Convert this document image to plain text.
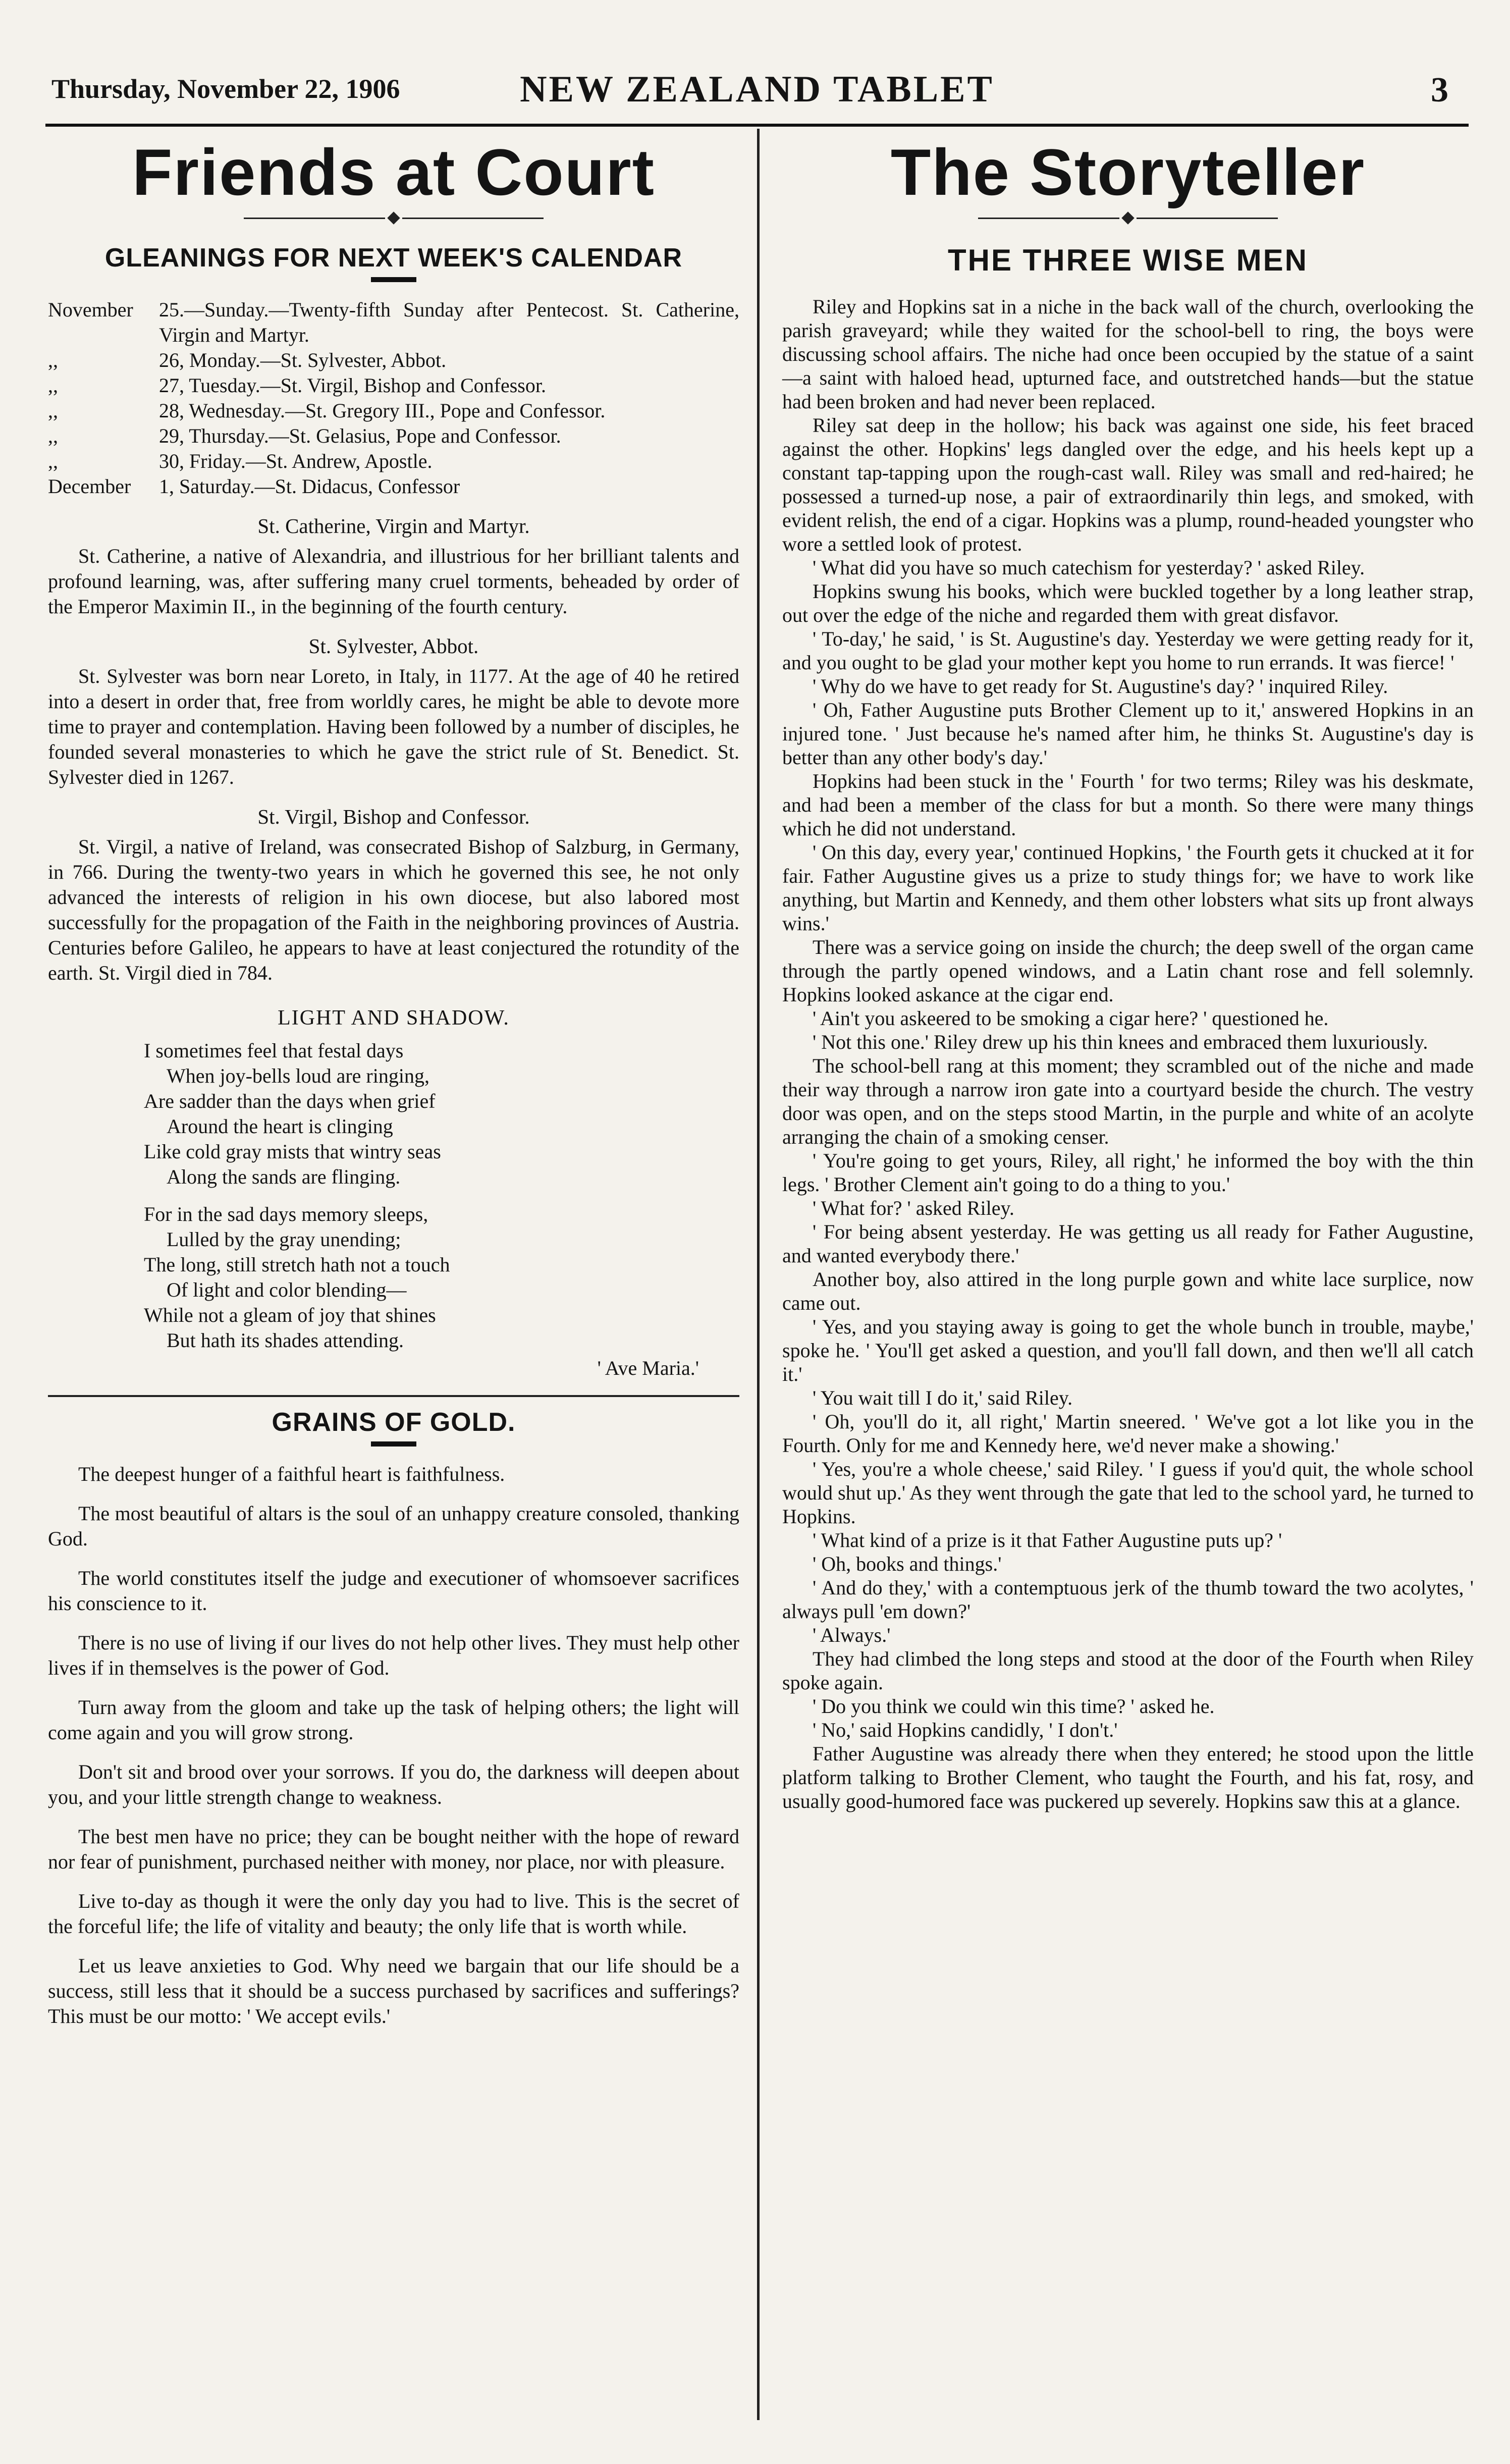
Thursday, November 22, 1906	NEW ZEALAND TABLET	3
Friends at Court
GLEANINGS FOR NEXT WEEK'S CALENDAR
November	25.—Sunday.—Twenty-fifth Sunday after Pentecost. St. Catherine, Virgin and Martyr.
,,	26, Monday.—St. Sylvester, Abbot.
,,	27, Tuesday.—St. Virgil, Bishop and Confessor.
,,	28, Wednesday.—St. Gregory III., Pope and Confessor.
,,	29, Thursday.—St. Gelasius, Pope and Confessor.
,,	30, Friday.—St. Andrew, Apostle.
December	1, Saturday.—St. Didacus, Confessor

St. Catherine, Virgin and Martyr.

St. Catherine, a native of Alexandria, and illustrious for her brilliant talents and profound learning, was, after suffering many cruel torments, beheaded by order of the Emperor Maximin II., in the beginning of the fourth century.

St. Sylvester, Abbot.

St. Sylvester was born near Loreto, in Italy, in 1177. At the age of 40 he retired into a desert in order that, free from worldly cares, he might be able to devote more time to prayer and contemplation. Having been followed by a number of disciples, he founded several monasteries to which he gave the strict rule of St. Benedict. St. Sylvester died in 1267.

St. Virgil, Bishop and Confessor.

St. Virgil, a native of Ireland, was consecrated Bishop of Salzburg, in Germany, in 766. During the twenty-two years in which he governed this see, he not only advanced the interests of religion in his own diocese, but also labored most successfully for the propagation of the Faith in the neighboring provinces of Austria. Centuries before Galileo, he appears to have at least conjectured the rotundity of the earth. St. Virgil died in 784.

LIGHT AND SHADOW.
I sometimes feel that festal days
When joy-bells loud are ringing,
Are sadder than the days when grief
Around the heart is clinging
Like cold gray mists that wintry seas
Along the sands are flinging.
For in the sad days memory sleeps,
Lulled by the gray unending;
The long, still stretch hath not a touch
Of light and color blending—
While not a gleam of joy that shines
But hath its shades attending.
' Ave Maria.'
GRAINS OF GOLD.

The deepest hunger of a faithful heart is faithfulness.

The most beautiful of altars is the soul of an unhappy creature consoled, thanking God.

The world constitutes itself the judge and executioner of whomsoever sacrifices his conscience to it.

There is no use of living if our lives do not help other lives. They must help other lives if in themselves is the power of God.

Turn away from the gloom and take up the task of helping others; the light will come again and you will grow strong.

Don't sit and brood over your sorrows. If you do, the darkness will deepen about you, and your little strength change to weakness.

The best men have no price; they can be bought neither with the hope of reward nor fear of punishment, purchased neither with money, nor place, nor with pleasure.

Live to-day as though it were the only day you had to live. This is the secret of the forceful life; the life of vitality and beauty; the only life that is worth while.

Let us leave anxieties to God. Why need we bargain that our life should be a success, still less that it should be a success purchased by sacrifices and sufferings? This must be our motto: ' We accept evils.'

The Storyteller
THE THREE WISE MEN

Riley and Hopkins sat in a niche in the back wall of the church, overlooking the parish graveyard; while they waited for the school-bell to ring, the boys were discussing school affairs. The niche had once been occupied by the statue of a saint—a saint with haloed head, upturned face, and outstretched hands—but the statue had been broken and had never been replaced.

Riley sat deep in the hollow; his back was against one side, his feet braced against the other. Hopkins' legs dangled over the edge, and his heels kept up a constant tap-tapping upon the rough-cast wall. Riley was small and red-haired; he possessed a turned-up nose, a pair of extraordinarily thin legs, and smoked, with evident relish, the end of a cigar. Hopkins was a plump, round-headed youngster who wore a settled look of protest.

' What did you have so much catechism for yesterday? ' asked Riley.

Hopkins swung his books, which were buckled together by a long leather strap, out over the edge of the niche and regarded them with great disfavor.

' To-day,' he said, ' is St. Augustine's day. Yesterday we were getting ready for it, and you ought to be glad your mother kept you home to run errands. It was fierce! '

' Why do we have to get ready for St. Augustine's day? ' inquired Riley.

' Oh, Father Augustine puts Brother Clement up to it,' answered Hopkins in an injured tone. ' Just because he's named after him, he thinks St. Augustine's day is better than any other body's day.'

Hopkins had been stuck in the ' Fourth ' for two terms; Riley was his deskmate, and had been a member of the class for but a month. So there were many things which he did not understand.

' On this day, every year,' continued Hopkins, ' the Fourth gets it chucked at it for fair. Father Augustine gives us a prize to study things for; we have to work like anything, but Martin and Kennedy, and them other lobsters what sits up front always wins.'

There was a service going on inside the church; the deep swell of the organ came through the partly opened windows, and a Latin chant rose and fell solemnly. Hopkins looked askance at the cigar end.

' Ain't you askeered to be smoking a cigar here? ' questioned he.

' Not this one.' Riley drew up his thin knees and embraced them luxuriously.

The school-bell rang at this moment; they scrambled out of the niche and made their way through a narrow iron gate into a courtyard beside the church. The vestry door was open, and on the steps stood Martin, in the purple and white of an acolyte arranging the chain of a smoking censer.

' You're going to get yours, Riley, all right,' he informed the boy with the thin legs. ' Brother Clement ain't going to do a thing to you.'

' What for? ' asked Riley.

' For being absent yesterday. He was getting us all ready for Father Augustine, and wanted everybody there.'

Another boy, also attired in the long purple gown and white lace surplice, now came out.

' Yes, and you staying away is going to get the whole bunch in trouble, maybe,' spoke he. ' You'll get asked a question, and you'll fall down, and then we'll all catch it.'

' You wait till I do it,' said Riley.

' Oh, you'll do it, all right,' Martin sneered. ' We've got a lot like you in the Fourth. Only for me and Kennedy here, we'd never make a showing.'

' Yes, you're a whole cheese,' said Riley. ' I guess if you'd quit, the whole school would shut up.' As they went through the gate that led to the school yard, he turned to Hopkins.

' What kind of a prize is it that Father Augustine puts up? '

' Oh, books and things.'

' And do they,' with a contemptuous jerk of the thumb toward the two acolytes, ' always pull 'em down?'

' Always.'

They had climbed the long steps and stood at the door of the Fourth when Riley spoke again.

' Do you think we could win this time? ' asked he.

' No,' said Hopkins candidly, ' I don't.'

Father Augustine was already there when they entered; he stood upon the little platform talking to Brother Clement, who taught the Fourth, and his fat, rosy, and usually good-humored face was puckered up severely. Hopkins saw this at a glance.
